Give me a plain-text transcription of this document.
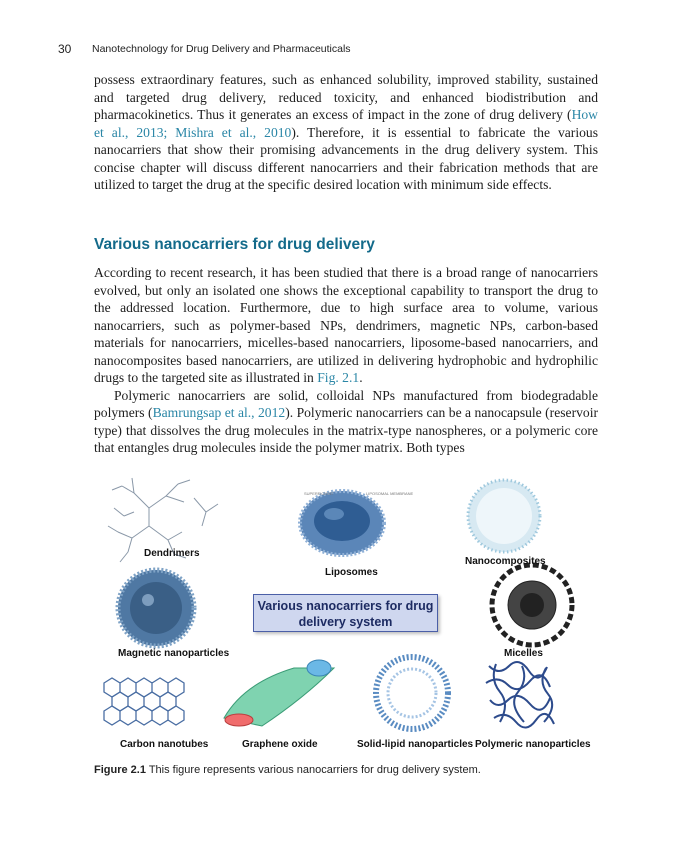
30 Nanotechnology for Drug Delivery and Pharmaceuticals

possess extraordinary features, such as enhanced solubility, improved stability, sustained and targeted drug delivery, reduced toxicity, and enhanced biodistribution and pharmacokinetics. Thus it generates an excess of impact in the zone of drug delivery (How et al., 2013; Mishra et al., 2010). Therefore, it is essential to fabricate the various nanocarriers that show their promising advancements in the drug delivery system. This concise chapter will discuss different nanocarriers and their fabrication methods that are utilized to target the drug at the specific desired location with minimum side effects.

Various nanocarriers for drug delivery

According to recent research, it has been studied that there is a broad range of nanocarriers evolved, but only an isolated one shows the exceptional capability to transport the drug to the addressed location. Furthermore, due to high surface area to volume, various nanocarriers, such as polymer-based NPs, dendrimers, magnetic NPs, carbon-based materials for nanocarriers, micelles-based nanocarriers, liposome-based nanocarriers, and nanocomposites based nanocarriers, are utilized in delivering hydrophobic and hydrophilic drugs to the targeted site as illustrated in Fig. 2.1.

Polymeric nanocarriers are solid, colloidal NPs manufactured from biodegradable polymers (Bamrungsap et al., 2012). Polymeric nanocarriers can be a nanocapsule (reservoir type) that dissolves the drug molecules in the matrix-type nanospheres, or a polymeric core that entangles drug molecules inside the polymer matrix. Both types

SUPERFICIENT	LIPOSOMAL MEMBRANE
Dendrimers
Liposomes
Nanocomposites
Magnetic nanoparticles	Micelles
Carbon nanotubes	Graphene oxide	Solid-lipid nanoparticles Polymeric nanoparticles
Various nanocarriers for drug
delivery system
Figure 2.1 This figure represents various nanocarriers for drug delivery system.
